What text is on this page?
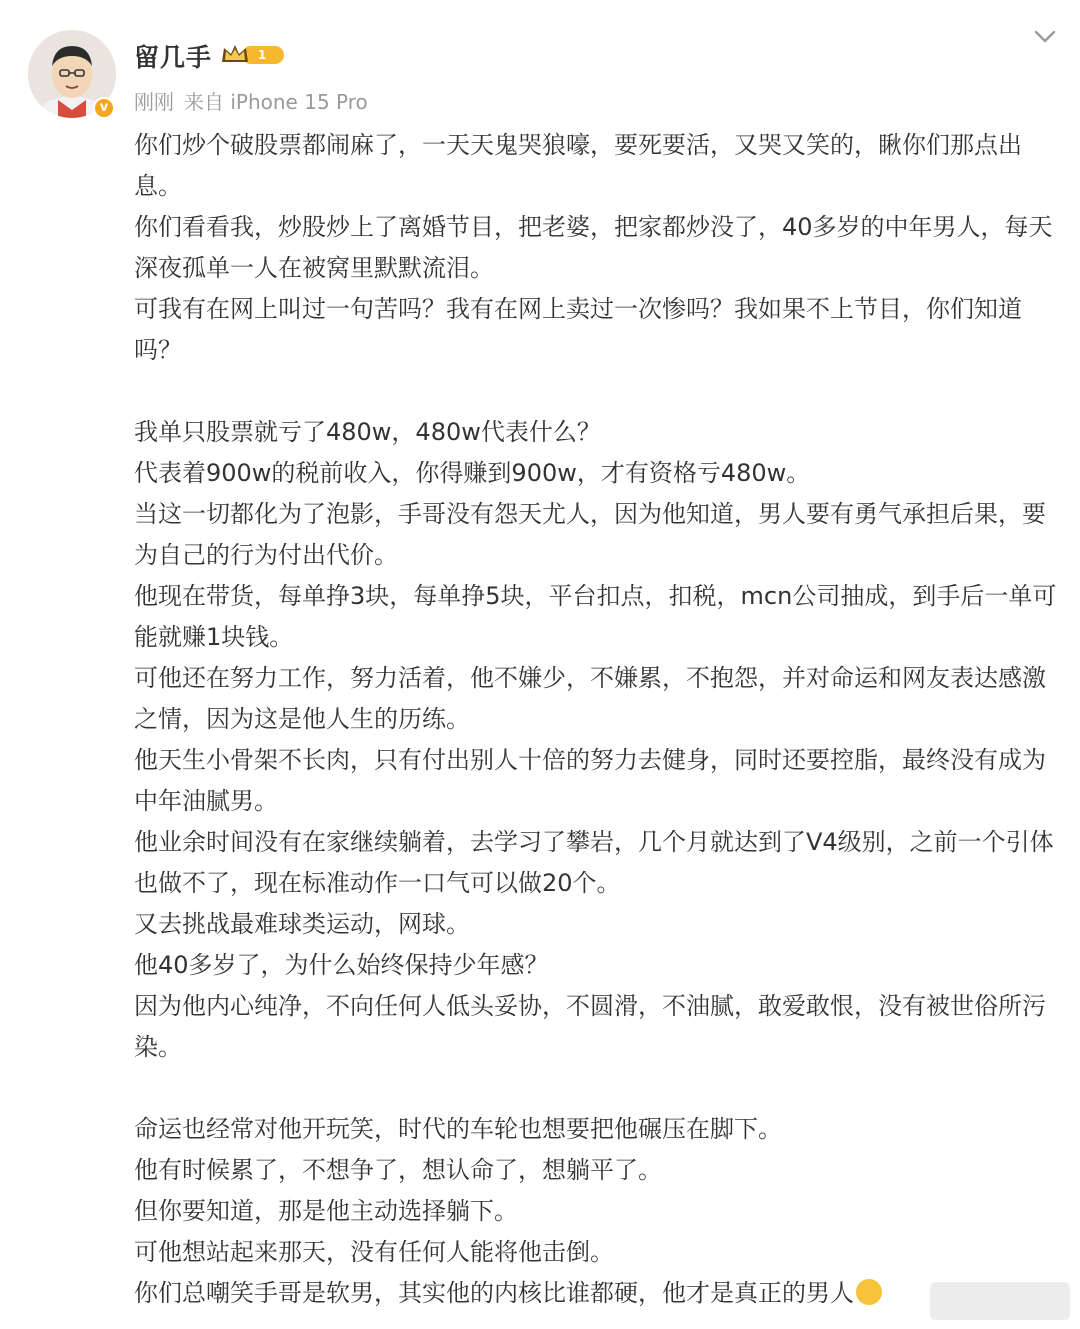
v
留几手	1
刚刚 来自 iPhone 15 Pro

你们炒个破股票都闹麻了，一天天鬼哭狼嚎，要死要活，又哭又笑的，瞅你们那点出息。

你们看看我，炒股炒上了离婚节目，把老婆，把家都炒没了，40多岁的中年男人，每天深夜孤单一人在被窝里默默流泪。

可我有在网上叫过一句苦吗？我有在网上卖过一次惨吗？我如果不上节目，你们知道吗？

我单只股票就亏了480w，480w代表什么？

代表着900w的税前收入，你得赚到900w，才有资格亏480w。

当这一切都化为了泡影，手哥没有怨天尤人，因为他知道，男人要有勇气承担后果，要为自己的行为付出代价。

他现在带货，每单挣3块，每单挣5块，平台扣点，扣税，mcn公司抽成，到手后一单可能就赚1块钱。

可他还在努力工作，努力活着，他不嫌少，不嫌累，不抱怨，并对命运和网友表达感激之情，因为这是他人生的历练。

他天生小骨架不长肉，只有付出别人十倍的努力去健身，同时还要控脂，最终没有成为中年油腻男。

他业余时间没有在家继续躺着，去学习了攀岩，几个月就达到了V4级别，之前一个引体也做不了，现在标准动作一口气可以做20个。

又去挑战最难球类运动，网球。

他40多岁了，为什么始终保持少年感？

因为他内心纯净，不向任何人低头妥协，不圆滑，不油腻，敢爱敢恨，没有被世俗所污染。

命运也经常对他开玩笑，时代的车轮也想要把他碾压在脚下。

他有时候累了，不想争了，想认命了，想躺平了。

但你要知道，那是他主动选择躺下。

可他想站起来那天，没有任何人能将他击倒。

你们总嘲笑手哥是软男，其实他的内核比谁都硬，他才是真正的男人
